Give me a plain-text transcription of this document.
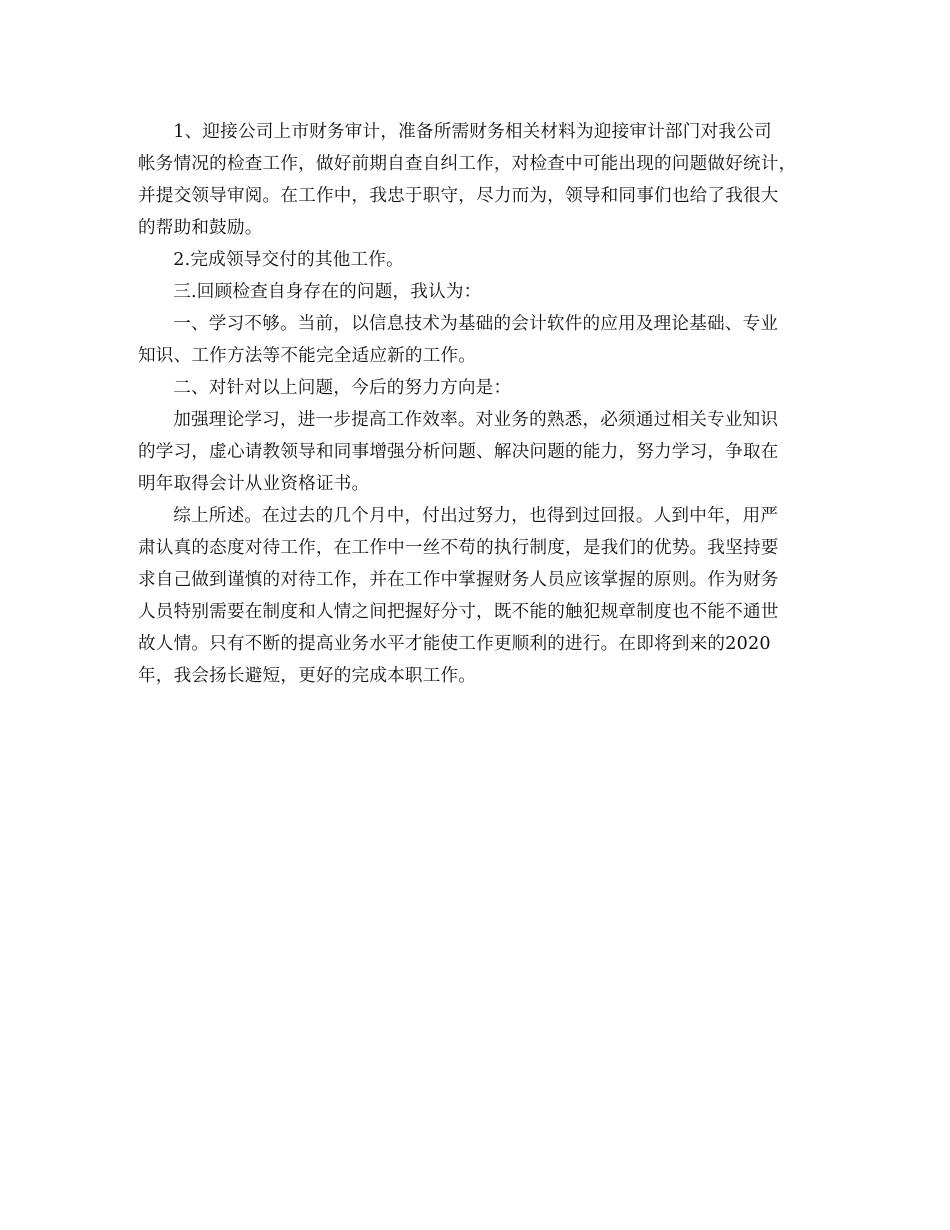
1、迎接公司上市财务审计，准备所需财务相关材料为迎接审计部门对我公司
帐务情况的检查工作，做好前期自查自纠工作，对检查中可能出现的问题做好统计，
并提交领导审阅。在工作中，我忠于职守，尽力而为，领导和同事们也给了我很大
的帮助和鼓励。

2.完成领导交付的其他工作。

三.回顾检查自身存在的问题，我认为：

一、学习不够。当前，以信息技术为基础的会计软件的应用及理论基础、专业
知识、工作方法等不能完全适应新的工作。

二、对针对以上问题，今后的努力方向是：

加强理论学习，进一步提高工作效率。对业务的熟悉，必须通过相关专业知识
的学习，虚心请教领导和同事增强分析问题、解决问题的能力，努力学习，争取在
明年取得会计从业资格证书。

综上所述。在过去的几个月中，付出过努力，也得到过回报。人到中年，用严
肃认真的态度对待工作，在工作中一丝不苟的执行制度，是我们的优势。我坚持要
求自己做到谨慎的对待工作，并在工作中掌握财务人员应该掌握的原则。作为财务
人员特别需要在制度和人情之间把握好分寸，既不能的触犯规章制度也不能不通世
故人情。只有不断的提高业务水平才能使工作更顺利的进行。在即将到来的2020
年，我会扬长避短，更好的完成本职工作。
